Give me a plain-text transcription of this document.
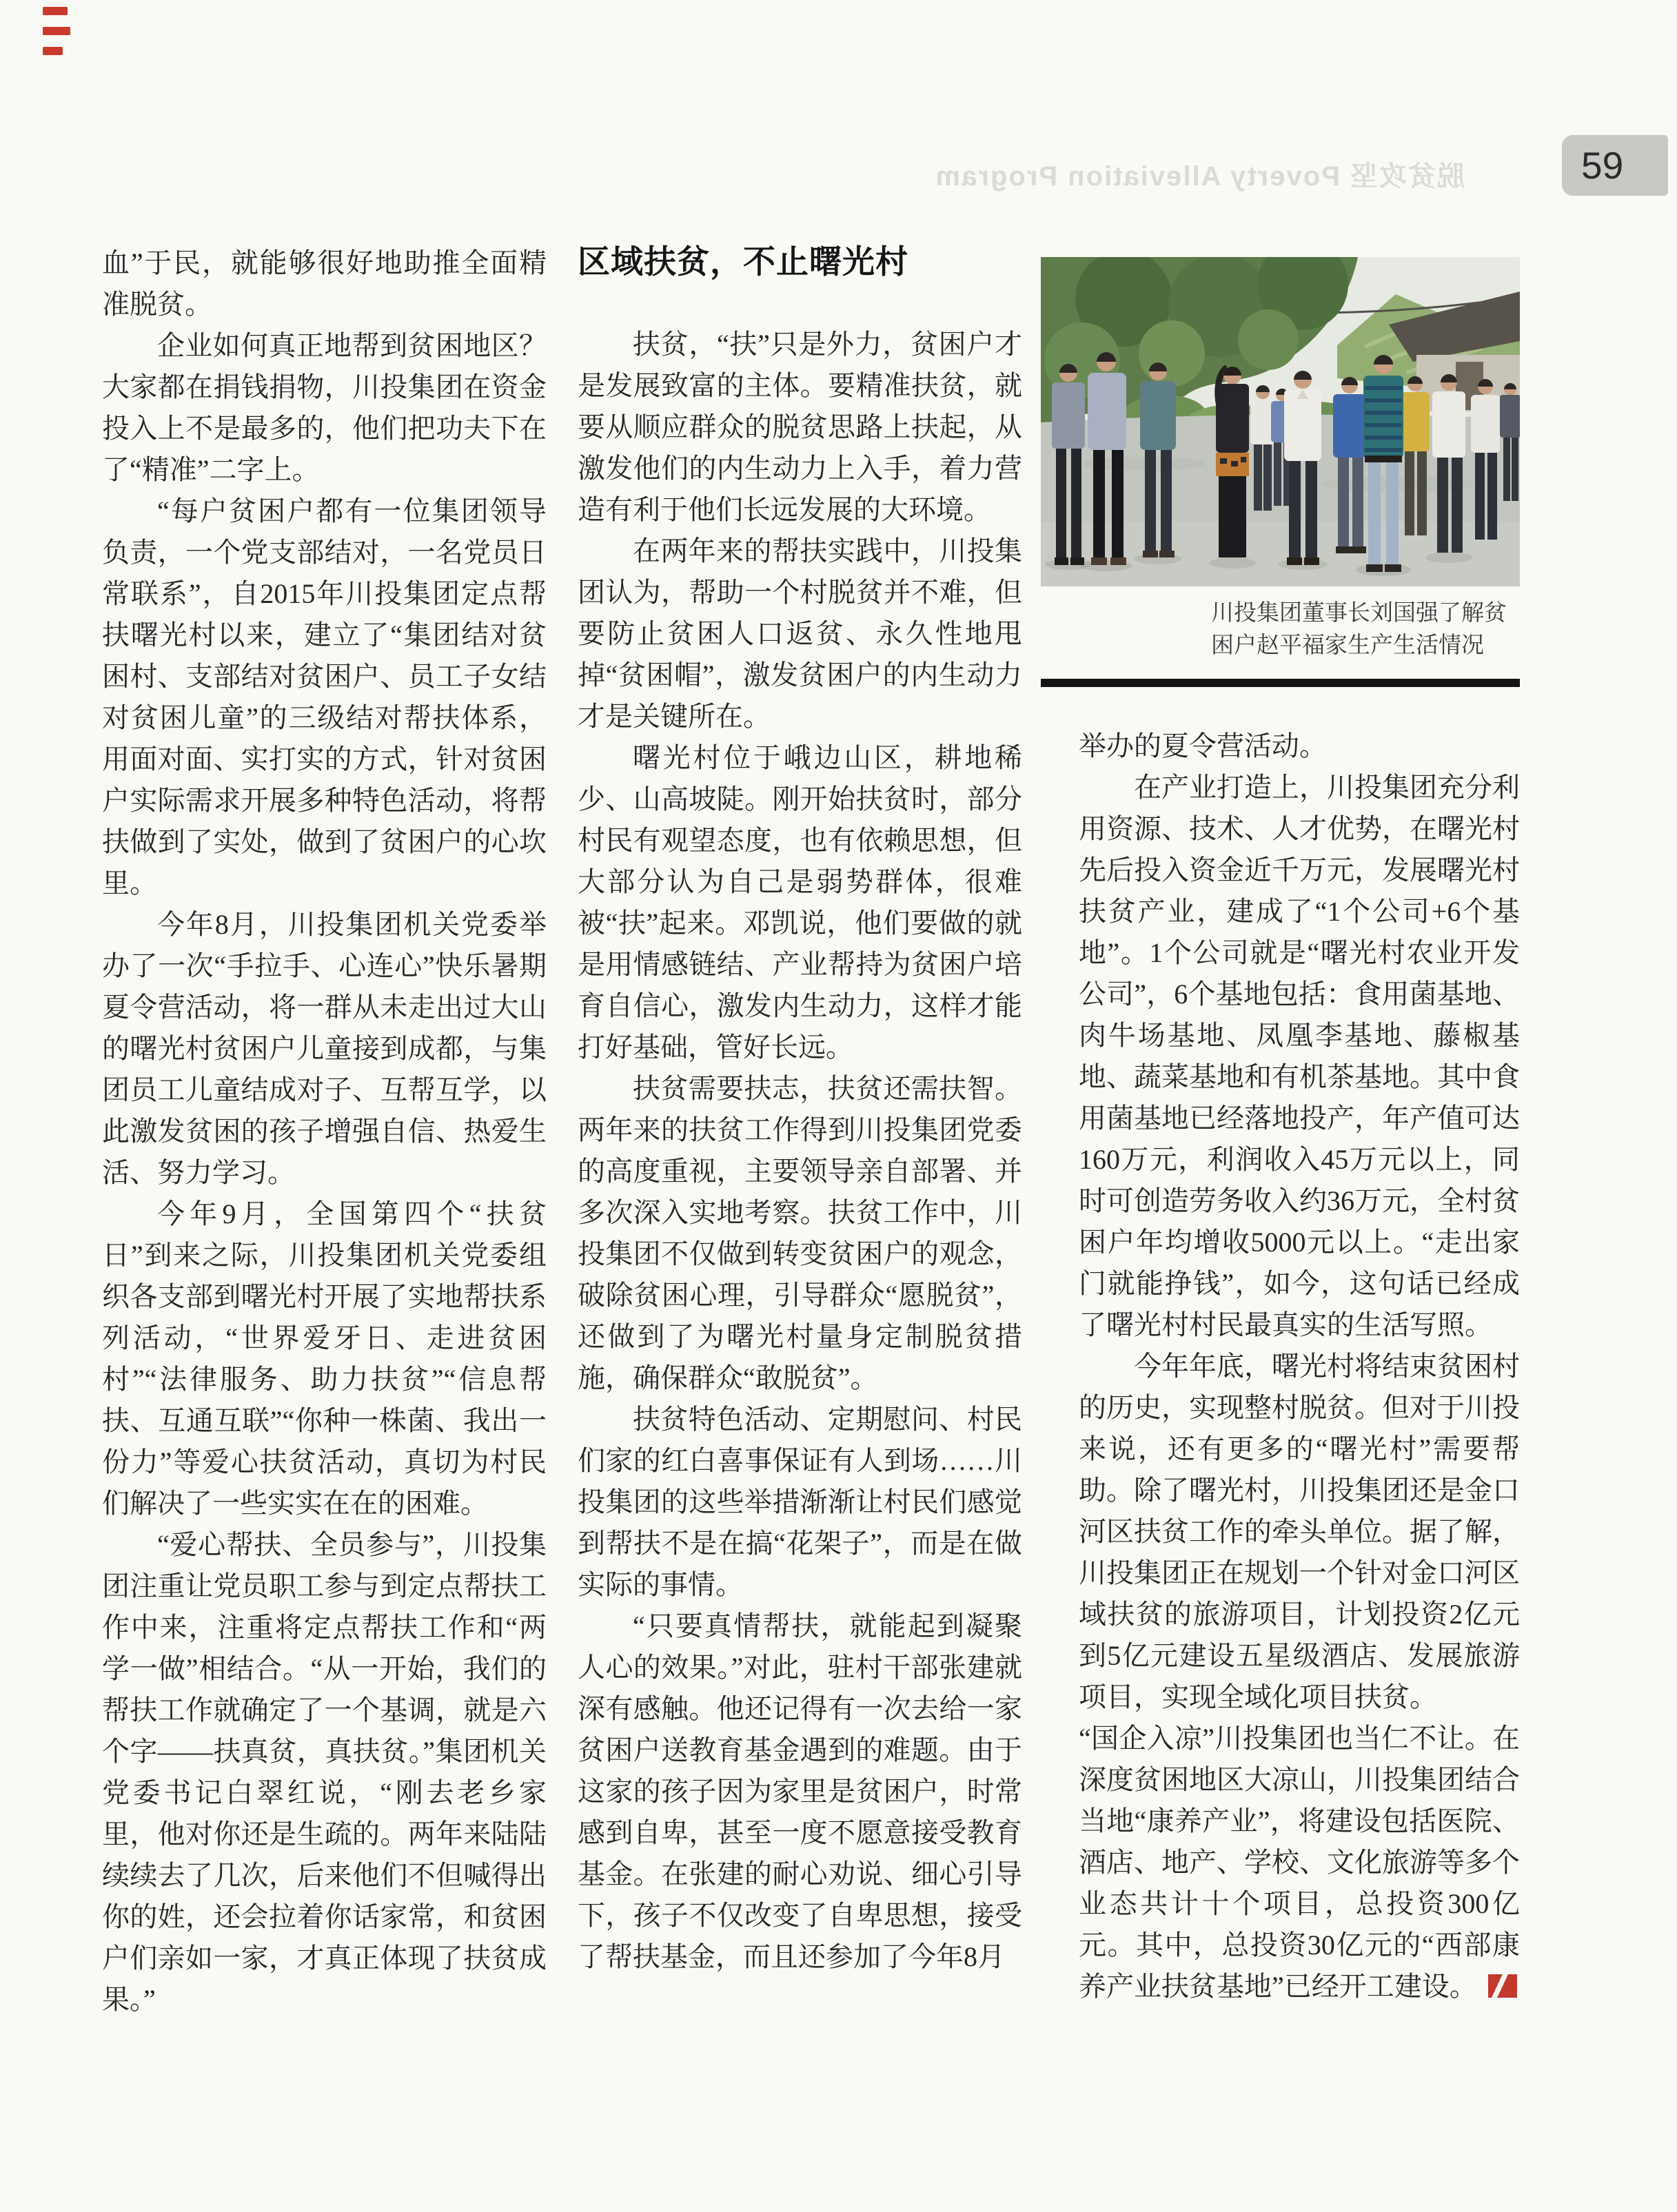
脱贫攻坚 Poverty Alleviation Program	59

血”于民，就能够很好地助推全面精准脱贫。

企业如何真正地帮到贫困地区？大家都在捐钱捐物，川投集团在资金投入上不是最多的，他们把功夫下在了“精准”二字上。

“每户贫困户都有一位集团领导负责，一个党支部结对，一名党员日常联系”，自2015年川投集团定点帮扶曙光村以来，建立了“集团结对贫困村、支部结对贫困户、员工子女结对贫困儿童”的三级结对帮扶体系，用面对面、实打实的方式，针对贫困户实际需求开展多种特色活动，将帮扶做到了实处，做到了贫困户的心坎里。

今年8月，川投集团机关党委举办了一次“手拉手、心连心”快乐暑期夏令营活动，将一群从未走出过大山的曙光村贫困户儿童接到成都，与集团员工儿童结成对子、互帮互学，以此激发贫困的孩子增强自信、热爱生活、努力学习。

今年9月，全国第四个“扶贫日”到来之际，川投集团机关党委组织各支部到曙光村开展了实地帮扶系列活动，“世界爱牙日、走进贫困村”“法律服务、助力扶贫”“信息帮扶、互通互联”“你种一株菌、我出一份力”等爱心扶贫活动，真切为村民们解决了一些实实在在的困难。

“爱心帮扶、全员参与”，川投集团注重让党员职工参与到定点帮扶工作中来，注重将定点帮扶工作和“两学一做”相结合。“从一开始，我们的帮扶工作就确定了一个基调，就是六个字——扶真贫，真扶贫。”集团机关党委书记白翠红说，“刚去老乡家里，他对你还是生疏的。两年来陆陆续续去了几次，后来他们不但喊得出你的姓，还会拉着你话家常，和贫困户们亲如一家，才真正体现了扶贫成果。”

区域扶贫，不止曙光村

扶贫，“扶”只是外力，贫困户才是发展致富的主体。要精准扶贫，就要从顺应群众的脱贫思路上扶起，从激发他们的内生动力上入手，着力营造有利于他们长远发展的大环境。

在两年来的帮扶实践中，川投集团认为，帮助一个村脱贫并不难，但要防止贫困人口返贫、永久性地甩掉“贫困帽”，激发贫困户的内生动力才是关键所在。

曙光村位于峨边山区，耕地稀少、山高坡陡。刚开始扶贫时，部分村民有观望态度，也有依赖思想，但大部分认为自己是弱势群体，很难被“扶”起来。邓凯说，他们要做的就是用情感链结、产业帮持为贫困户培育自信心，激发内生动力，这样才能打好基础，管好长远。

扶贫需要扶志，扶贫还需扶智。两年来的扶贫工作得到川投集团党委的高度重视，主要领导亲自部署、并多次深入实地考察。扶贫工作中，川投集团不仅做到转变贫困户的观念，破除贫困心理，引导群众“愿脱贫”，还做到了为曙光村量身定制脱贫措施，确保群众“敢脱贫”。

扶贫特色活动、定期慰问、村民们家的红白喜事保证有人到场……川投集团的这些举措渐渐让村民们感觉到帮扶不是在搞“花架子”，而是在做实际的事情。

“只要真情帮扶，就能起到凝聚人心的效果。”对此，驻村干部张建就深有感触。他还记得有一次去给一家贫困户送教育基金遇到的难题。由于这家的孩子因为家里是贫困户，时常感到自卑，甚至一度不愿意接受教育基金。在张建的耐心劝说、细心引导下，孩子不仅改变了自卑思想，接受了帮扶基金，而且还参加了今年8月

川投集团董事长刘国强了解贫困户赵平福家生产生活情况

举办的夏令营活动。

在产业打造上，川投集团充分利用资源、技术、人才优势，在曙光村先后投入资金近千万元，发展曙光村扶贫产业，建成了“1个公司+6个基地”。1个公司就是“曙光村农业开发公司”，6个基地包括：食用菌基地、肉牛场基地、凤凰李基地、藤椒基地、蔬菜基地和有机茶基地。其中食用菌基地已经落地投产，年产值可达160万元，利润收入45万元以上，同时可创造劳务收入约36万元，全村贫困户年均增收5000元以上。“走出家门就能挣钱”，如今，这句话已经成了曙光村村民最真实的生活写照。

今年年底，曙光村将结束贫困村的历史，实现整村脱贫。但对于川投来说，还有更多的“曙光村”需要帮助。除了曙光村，川投集团还是金口河区扶贫工作的牵头单位。据了解，川投集团正在规划一个针对金口河区域扶贫的旅游项目，计划投资2亿元到5亿元建设五星级酒店、发展旅游项目，实现全域化项目扶贫。

“国企入凉”川投集团也当仁不让。在深度贫困地区大凉山，川投集团结合当地“康养产业”，将建设包括医院、酒店、地产、学校、文化旅游等多个业态共计十个项目，总投资300亿元。其中，总投资30亿元的“西部康养产业扶贫基地”已经开工建设。
